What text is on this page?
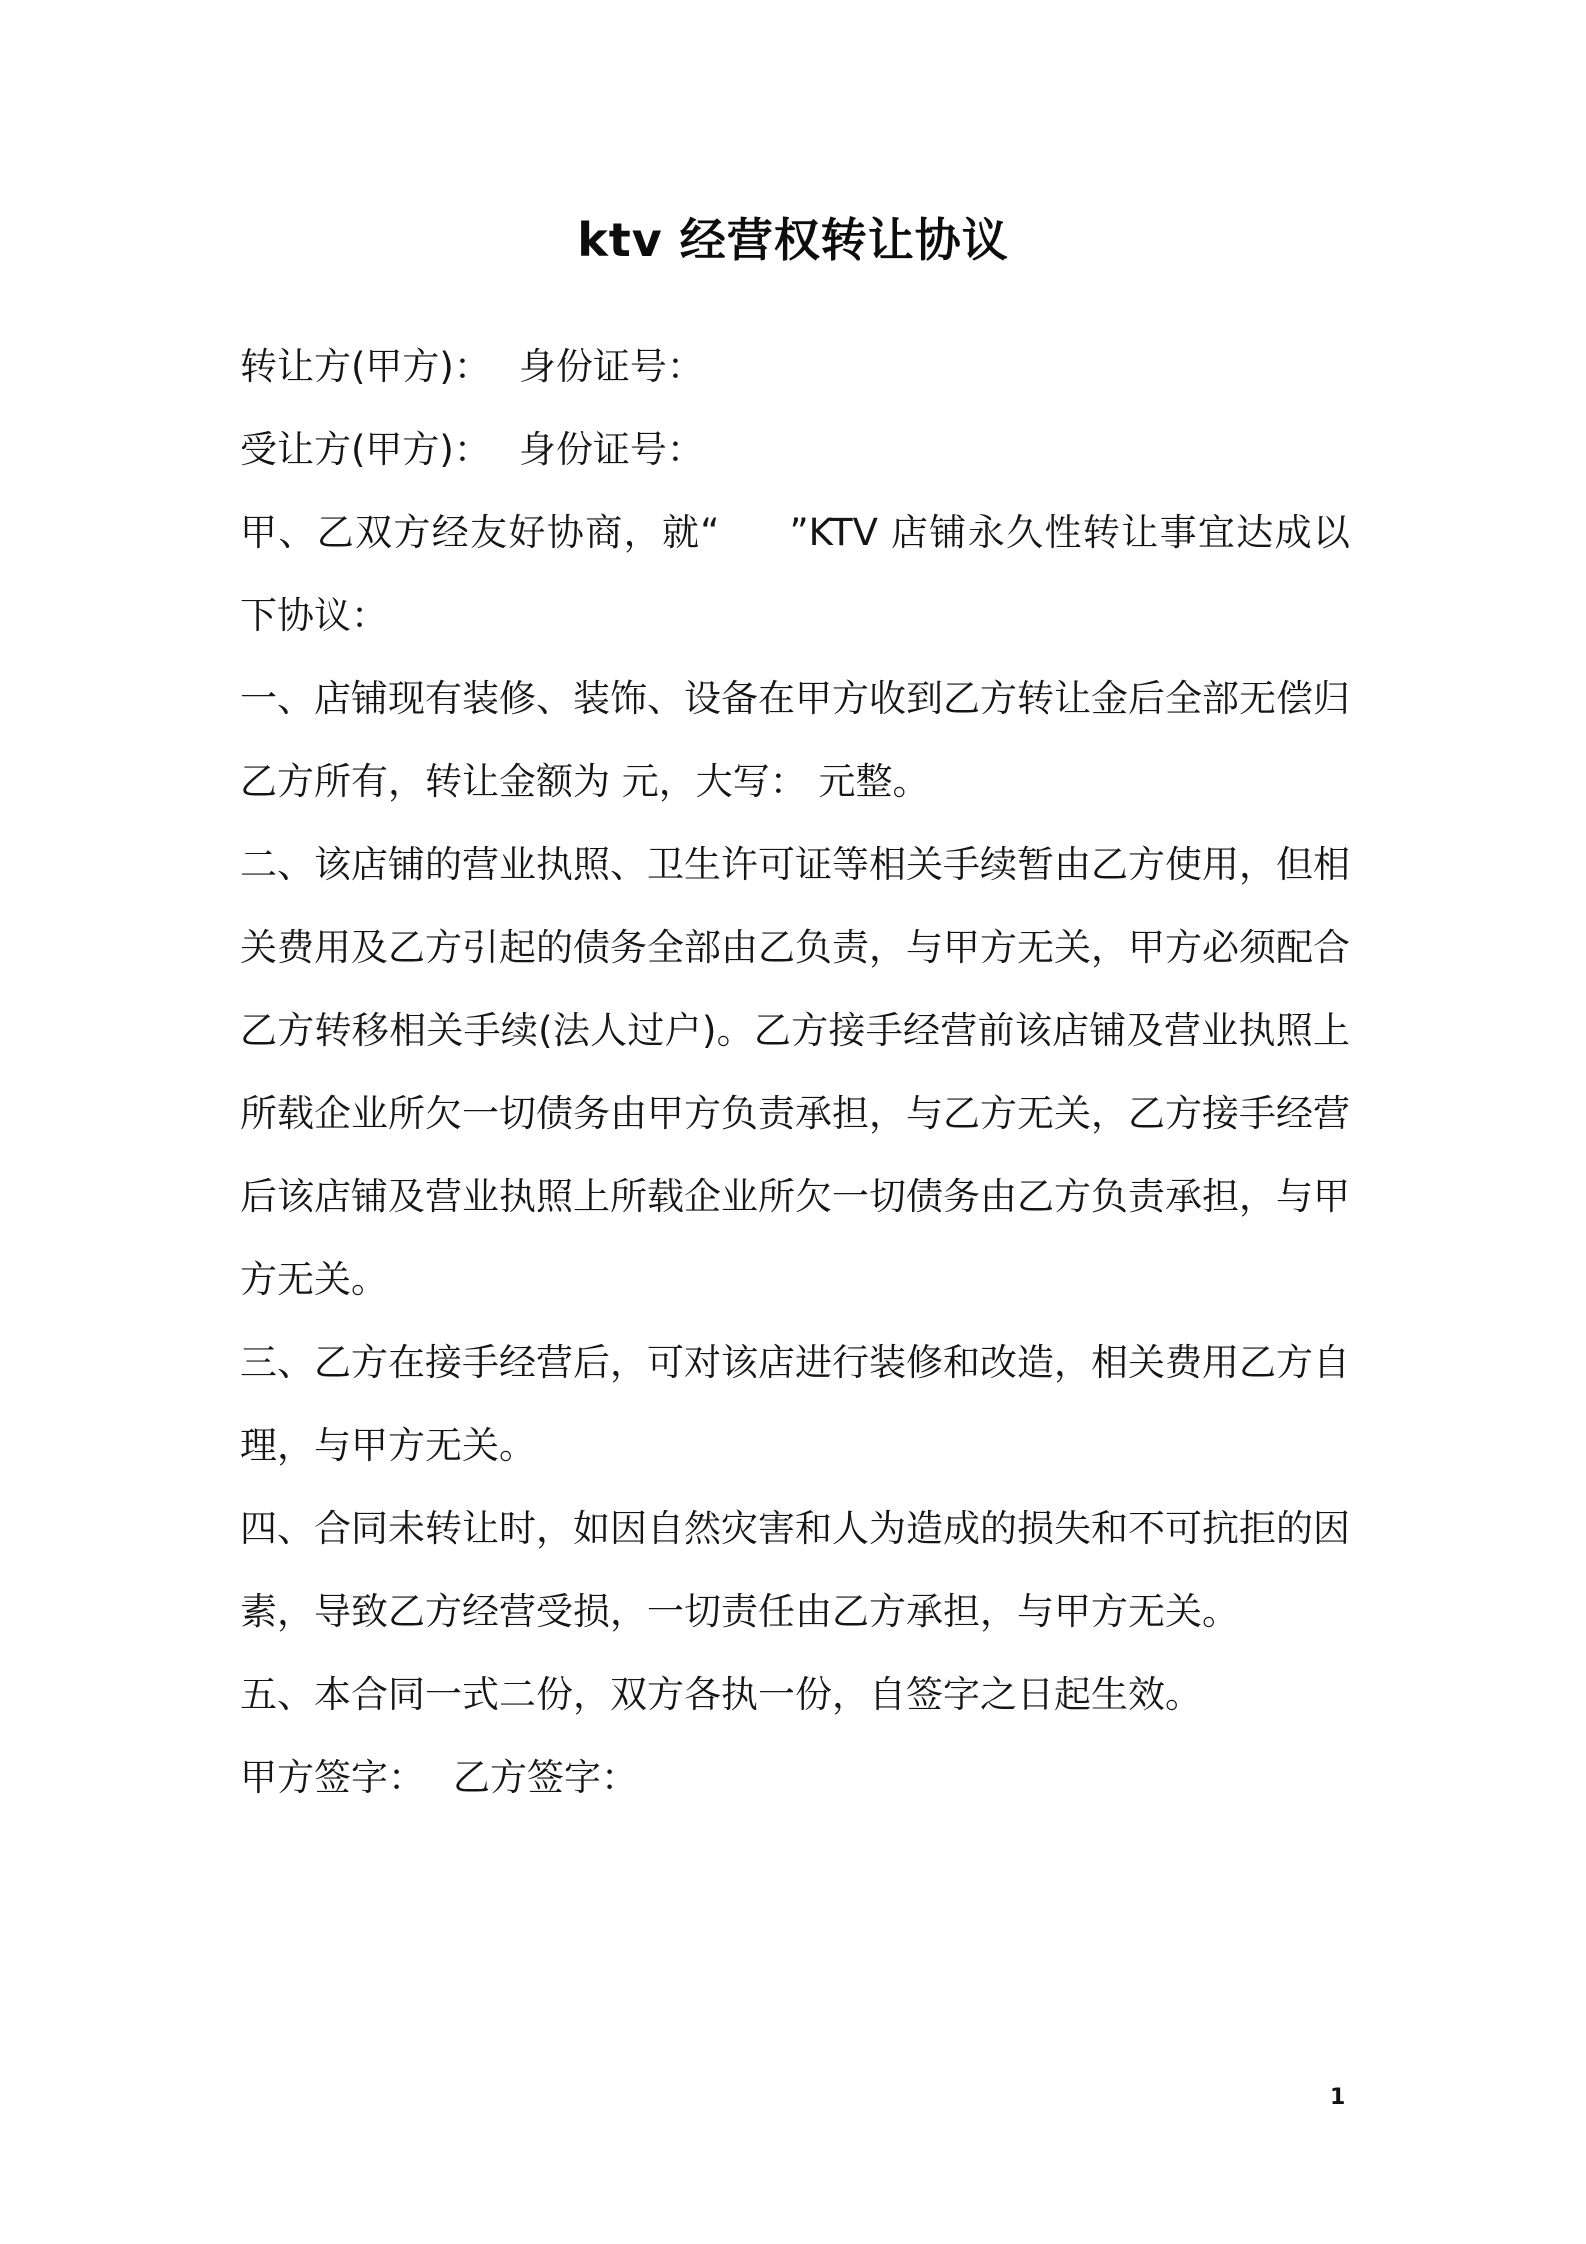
ktv 经营权转让协议

转让方(甲方)： 身份证号：

受让方(甲方)： 身份证号：

甲、乙双方经友好协商，就“ ”KTV 店铺永久性转让事宜达成以下协议：

一、店铺现有装修、装饰、设备在甲方收到乙方转让金后全部无偿归乙方所有，转让金额为 元，大写： 元整。

二、该店铺的营业执照、卫生许可证等相关手续暂由乙方使用，但相关费用及乙方引起的债务全部由乙负责，与甲方无关，甲方必须配合乙方转移相关手续(法人过户)。乙方接手经营前该店铺及营业执照上所载企业所欠一切债务由甲方负责承担，与乙方无关，乙方接手经营后该店铺及营业执照上所载企业所欠一切债务由乙方负责承担，与甲方无关。

三、乙方在接手经营后，可对该店进行装修和改造，相关费用乙方自理，与甲方无关。

四、合同未转让时，如因自然灾害和人为造成的损失和不可抗拒的因素，导致乙方经营受损，一切责任由乙方承担，与甲方无关。

五、本合同一式二份，双方各执一份，自签字之日起生效。

甲方签字： 乙方签字：

1
